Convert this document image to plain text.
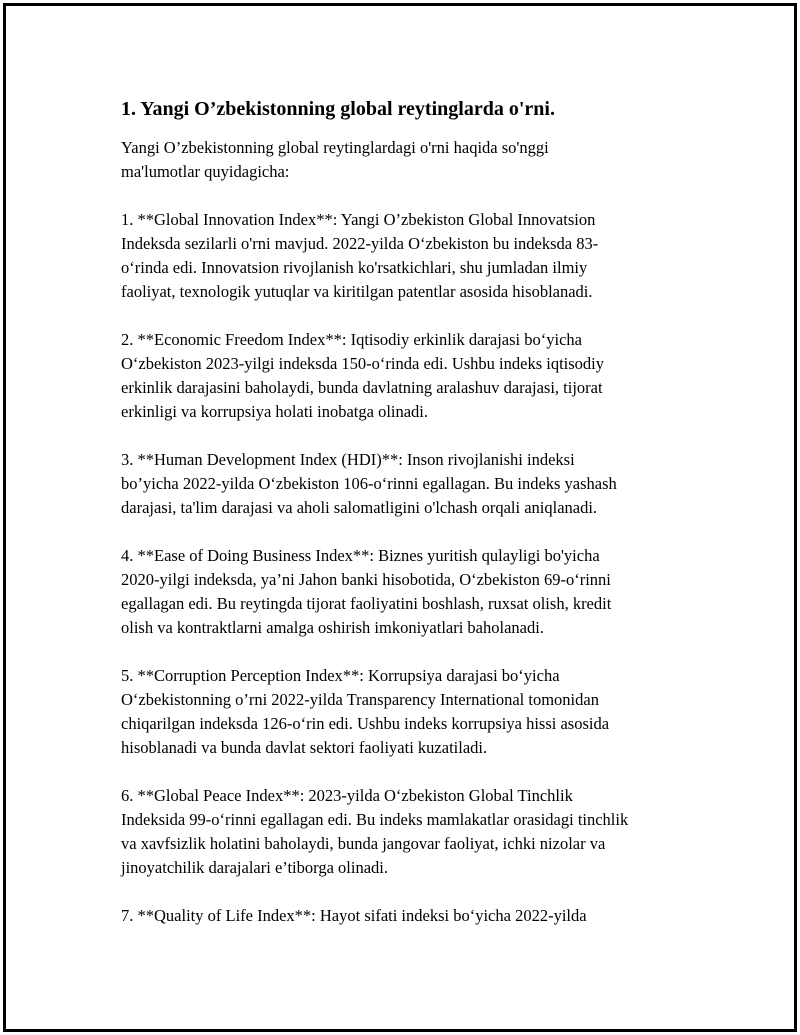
1. Yangi O’zbekistonning global reytinglarda o'rni.

Yangi O’zbekistonning global reytinglardagi o'rni haqida so'nggi
ma'lumotlar quyidagicha:

1. **Global Innovation Index**: Yangi O’zbekiston Global Innovatsion
Indeksda sezilarli o'rni mavjud. 2022-yilda O‘zbekiston bu indeksda 83-
o‘rinda edi. Innovatsion rivojlanish ko'rsatkichlari, shu jumladan ilmiy
faoliyat, texnologik yutuqlar va kiritilgan patentlar asosida hisoblanadi.

2. **Economic Freedom Index**: Iqtisodiy erkinlik darajasi bo‘yicha
O‘zbekiston 2023-yilgi indeksda 150-o‘rinda edi. Ushbu indeks iqtisodiy
erkinlik darajasini baholaydi, bunda davlatning aralashuv darajasi, tijorat
erkinligi va korrupsiya holati inobatga olinadi.

3. **Human Development Index (HDI)**: Inson rivojlanishi indeksi
bo’yicha 2022-yilda O‘zbekiston 106-o‘rinni egallagan. Bu indeks yashash
darajasi, ta'lim darajasi va aholi salomatligini o'lchash orqali aniqlanadi.

4. **Ease of Doing Business Index**: Biznes yuritish qulayligi bo'yicha
2020-yilgi indeksda, ya’ni Jahon banki hisobotida, O‘zbekiston 69-o‘rinni
egallagan edi. Bu reytingda tijorat faoliyatini boshlash, ruxsat olish, kredit
olish va kontraktlarni amalga oshirish imkoniyatlari baholanadi.

5. **Corruption Perception Index**: Korrupsiya darajasi bo‘yicha
O‘zbekistonning o’rni 2022-yilda Transparency International tomonidan
chiqarilgan indeksda 126-o‘rin edi. Ushbu indeks korrupsiya hissi asosida
hisoblanadi va bunda davlat sektori faoliyati kuzatiladi.

6. **Global Peace Index**: 2023-yilda O‘zbekiston Global Tinchlik
Indeksida 99-o‘rinni egallagan edi. Bu indeks mamlakatlar orasidagi tinchlik
va xavfsizlik holatini baholaydi, bunda jangovar faoliyat, ichki nizolar va
jinoyatchilik darajalari e’tiborga olinadi.

7. **Quality of Life Index**: Hayot sifati indeksi bo‘yicha 2022-yilda
